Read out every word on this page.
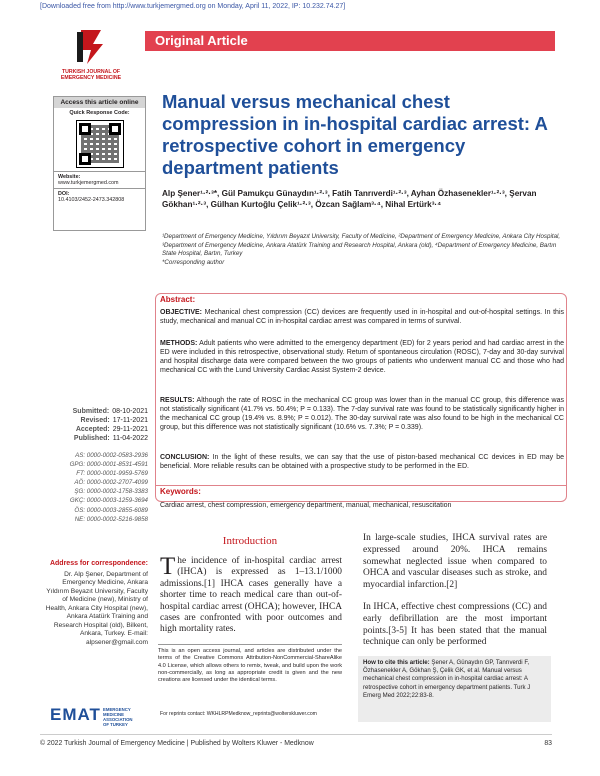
[Downloaded free from http://www.turkjemergmed.org on Monday, April 11, 2022, IP: 10.232.74.27]
TURKISH JOURNAL OF
EMERGENCY MEDICINE
Original Article
Access this article online
Quick Response Code:
Website:
www.turkjemergmed.com
DOI:
10.4103/2452-2473.342808
Manual versus mechanical chest compression in in-hospital cardiac arrest: A retrospective cohort in emergency department patients
Alp Şener¹·²·³*, Gül Pamukçu Günaydın¹·²·³, Fatih Tanrıverdi¹·²·³, Ayhan Özhasenekler¹·²·³, Şervan Gökhan¹·²·³, Gülhan Kurtoğlu Çelik¹·²·³, Özcan Sağlam³·⁴, Nihal Ertürk³·⁴
¹Department of Emergency Medicine, Yıldırım Beyazıt University, Faculty of Medicine, ²Department of Emergency Medicine, Ankara City Hospital, ³Department of Emergency Medicine, Ankara Atatürk Training and Research Hospital, Ankara (old), ⁴Department of Emergency Medicine, Bartın State Hospital, Bartın, Turkey
*Corresponding author
Abstract:
OBJECTIVE: Mechanical chest compression (CC) devices are frequently used in in-hospital and out-of-hospital settings. In this study, mechanical and manual CC in in-hospital cardiac arrest was compared in terms of survival.
METHODS: Adult patients who were admitted to the emergency department (ED) for 2 years period and had cardiac arrest in the ED were included in this retrospective, observational study. Return of spontaneous circulation (ROSC), 7-day and 30-day survival and hospital discharge data were compared between the two groups of patients who underwent manual CC and those who had mechanical CC with the Lund University Cardiac Assist System-2 device.
RESULTS: Although the rate of ROSC in the mechanical CC group was lower than in the manual CC group, this difference was not statistically significant (41.7% vs. 50.4%; P = 0.133). The 7-day survival rate was found to be statistically significantly higher in the mechanical CC group (19.4% vs. 8.9%; P = 0.012). The 30-day survival rate was also found to be high in the mechanical CC group, but this difference was not statistically significant (10.6% vs. 7.3%; P = 0.339).
CONCLUSION: In the light of these results, we can say that the use of piston-based mechanical CC devices in ED may be beneficial. More reliable results can be obtained with a prospective study to be performed in the ED.
Keywords:
Cardiac arrest, chest compression, emergency department, manual, mechanical, resuscitation
Submitted: 08-10-2021
Revised: 17-11-2021
Accepted: 29-11-2021
Published: 11-04-2022
AS: 0000-0002-0583-2936
GPG: 0000-0001-8531-4591
FT: 0000-0001-9959-5769
AÖ: 0000-0002-2707-4099
ŞG: 0000-0002-1758-3383
GKÇ: 0000-0003-1259-3694
ÖS: 0000-0003-2855-6089
NE: 0000-0002-5216-9858
Address for correspondence:
Dr. Alp Şener, Department of Emergency Medicine, Ankara Yıldırım Beyazıt University, Faculty of Medicine (new), Ministry of Health, Ankara City Hospital (new), Ankara Atatürk Training and Research Hospital (old), Bilkent, Ankara, Turkey. E-mail: alpsener@gmail.com
EMAT EMERGENCY
MEDICINE
ASSOCIATION
OF TURKEY
Introduction
The incidence of in-hospital cardiac arrest (IHCA) is expressed as 1–13.1/1000 admissions.[1] IHCA cases generally have a shorter time to reach medical care than out-of-hospital cardiac arrest (OHCA); however, IHCA cases are confronted with poor outcomes and high mortality rates.
This is an open access journal, and articles are distributed under the terms of the Creative Commons Attribution-NonCommercial-ShareAlike 4.0 License, which allows others to remix, tweak, and build upon the work non-commercially, as long as appropriate credit is given and the new creations are licensed under the identical terms.
For reprints contact: WKHLRPMedknow_reprints@wolterskluwer.com

In large-scale studies, IHCA survival rates are expressed around 20%. IHCA remains somewhat neglected issue when compared to OHCA and vascular diseases such as stroke, and myocardial infarction.[2]

In IHCA, effective chest compressions (CC) and early defibrillation are the most important points.[3-5] It has been stated that the manual technique can only be performed

How to cite this article: Şener A, Günaydın GP, Tanrıverdi F, Özhasenekler A, Gökhan Ş, Çelik GK, et al. Manual versus mechanical chest compression in in-hospital cardiac arrest: A retrospective cohort in emergency department patients. Turk J Emerg Med 2022;22:83-8.
© 2022 Turkish Journal of Emergency Medicine | Published by Wolters Kluwer - Medknow	83
